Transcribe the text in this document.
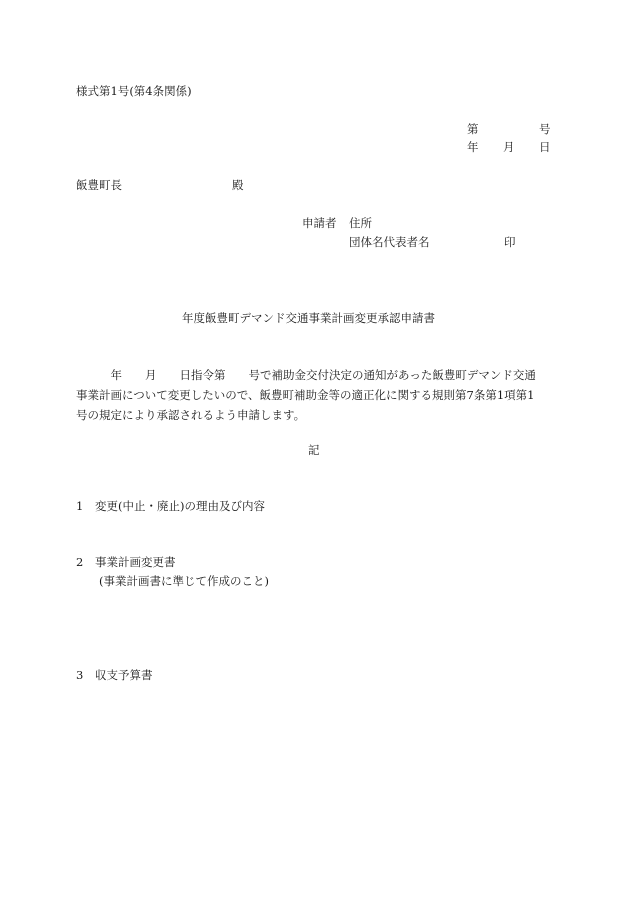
様式第1号(第4条関係)
第	号
年 月 日
飯豊町長	殿
申請者 住所
団体名代表者名	印
年度飯豊町デマンド交通事業計画変更承認申請書
　　　年　　月　　日指令第　　号で補助金交付決定の通知があった飯豊町デマンド交通
事業計画について変更したいので、飯豊町補助金等の適正化に関する規則第7条第1項第1
号の規定により承認されるよう申請します。
記
1 変更(中止・廃止)の理由及び内容
2 事業計画変更書
(事業計画書に準じて作成のこと)
3 収支予算書
